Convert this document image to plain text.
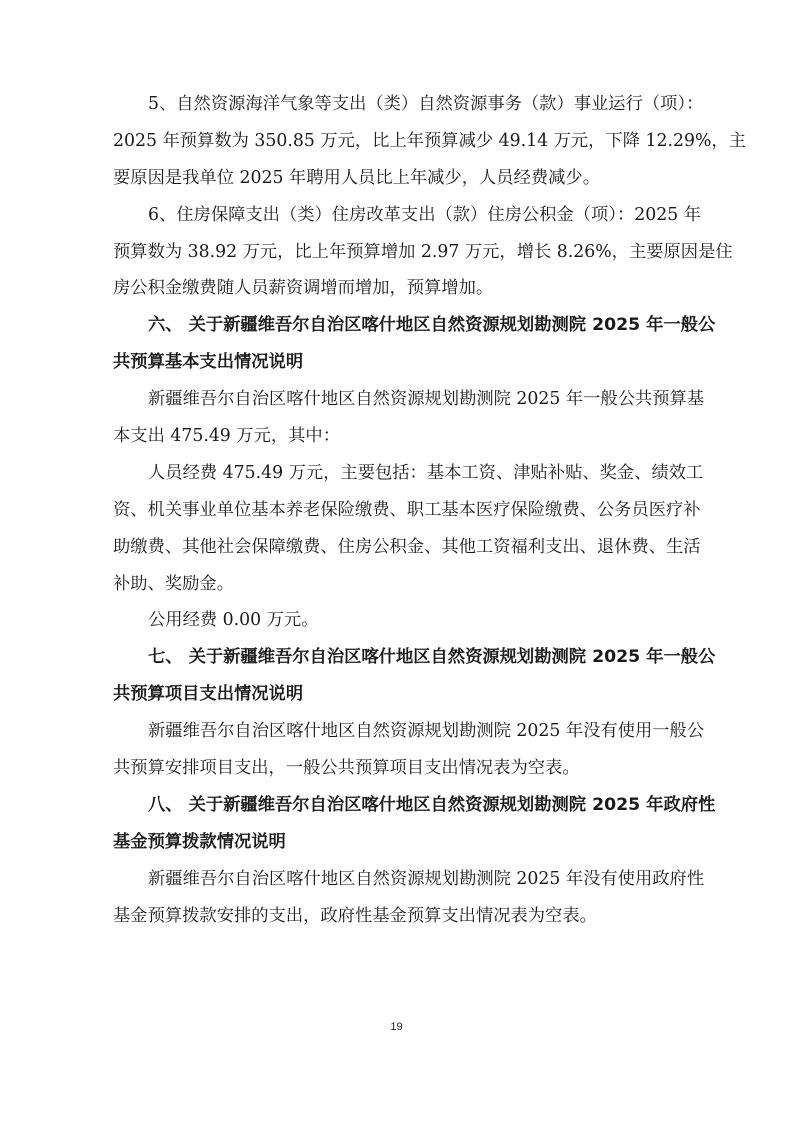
5、自然资源海洋气象等支出（类）自然资源事务（款）事业运行（项）：
2025 年预算数为 350.85 万元，比上年预算减少 49.14 万元，下降 12.29%，主
要原因是我单位 2025 年聘用人员比上年减少，人员经费减少。
6、住房保障支出（类）住房改革支出（款）住房公积金（项）：2025 年
预算数为 38.92 万元，比上年预算增加 2.97 万元，增长 8.26%，主要原因是住
房公积金缴费随人员薪资调增而增加，预算增加。
六、 关于新疆维吾尔自治区喀什地区自然资源规划勘测院 2025 年一般公
共预算基本支出情况说明
新疆维吾尔自治区喀什地区自然资源规划勘测院 2025 年一般公共预算基
本支出 475.49 万元，其中：
人员经费 475.49 万元，主要包括：基本工资、津贴补贴、奖金、绩效工
资、机关事业单位基本养老保险缴费、职工基本医疗保险缴费、公务员医疗补
助缴费、其他社会保障缴费、住房公积金、其他工资福利支出、退休费、生活
补助、奖励金。
公用经费 0.00 万元。
七、 关于新疆维吾尔自治区喀什地区自然资源规划勘测院 2025 年一般公
共预算项目支出情况说明
新疆维吾尔自治区喀什地区自然资源规划勘测院 2025 年没有使用一般公
共预算安排项目支出，一般公共预算项目支出情况表为空表。
八、 关于新疆维吾尔自治区喀什地区自然资源规划勘测院 2025 年政府性
基金预算拨款情况说明
新疆维吾尔自治区喀什地区自然资源规划勘测院 2025 年没有使用政府性
基金预算拨款安排的支出，政府性基金预算支出情况表为空表。
19
